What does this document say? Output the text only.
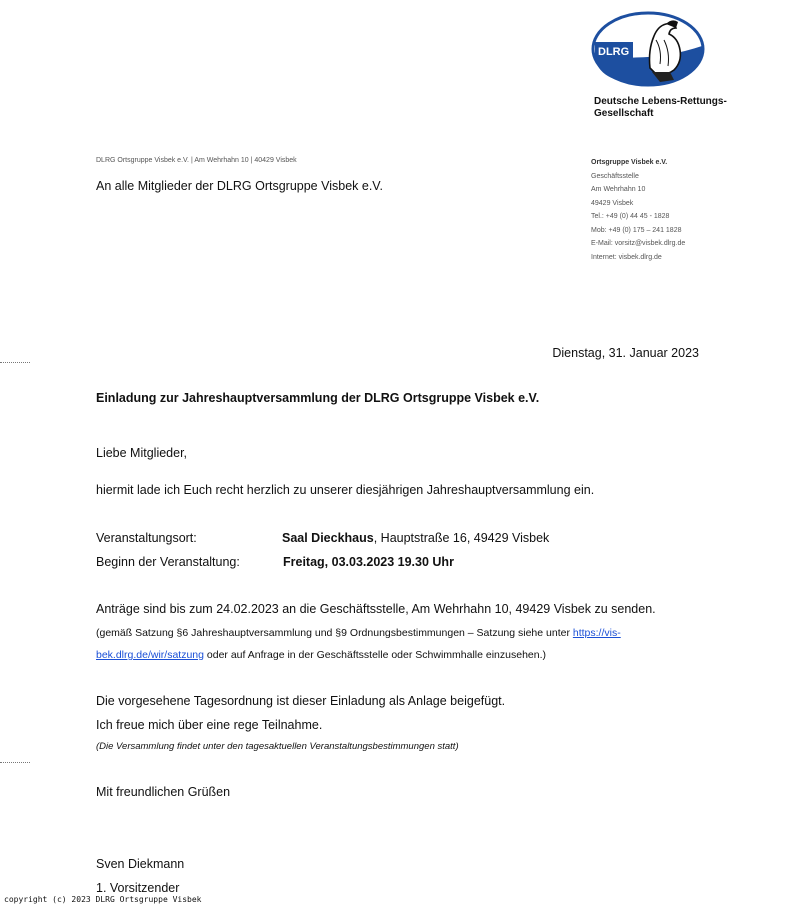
DLRG
Deutsche Lebens-Rettungs-
Gesellschaft
DLRG Ortsgruppe Visbek e.V. | Am Wehrhahn 10 | 40429 Visbek
An alle Mitglieder der DLRG Ortsgruppe Visbek e.V.
Ortsgruppe Visbek e.V.
Geschäftsstelle
Am Wehrhahn 10
49429 Visbek
Tel.: +49 (0) 44 45 - 1828
Mob: +49 (0) 175 – 241 1828
E-Mail: vorsitz@visbek.dlrg.de
Internet: visbek.dlrg.de
Dienstag, 31. Januar 2023
Einladung zur Jahreshauptversammlung der DLRG Ortsgruppe Visbek e.V.
Liebe Mitglieder,
hiermit lade ich Euch recht herzlich zu unserer diesjährigen Jahreshauptversammlung ein.
Veranstaltungsort:	Saal Dieckhaus, Hauptstraße 16, 49429 Visbek
Beginn der Veranstaltung:	Freitag, 03.03.2023 19.30 Uhr
Anträge sind bis zum 24.02.2023 an die Geschäftsstelle, Am Wehrhahn 10, 49429 Visbek zu senden.
(gemäß Satzung §6 Jahreshauptversammlung und §9 Ordnungsbestimmungen – Satzung siehe unter https://vis-
bek.dlrg.de/wir/satzung oder auf Anfrage in der Geschäftsstelle oder Schwimmhalle einzusehen.)
Die vorgesehene Tagesordnung ist dieser Einladung als Anlage beigefügt.
Ich freue mich über eine rege Teilnahme.
(Die Versammlung findet unter den tagesaktuellen Veranstaltungsbestimmungen statt)
Mit freundlichen Grüßen
Sven Diekmann
1. Vorsitzender
copyright (c) 2023 DLRG Ortsgruppe Visbek
